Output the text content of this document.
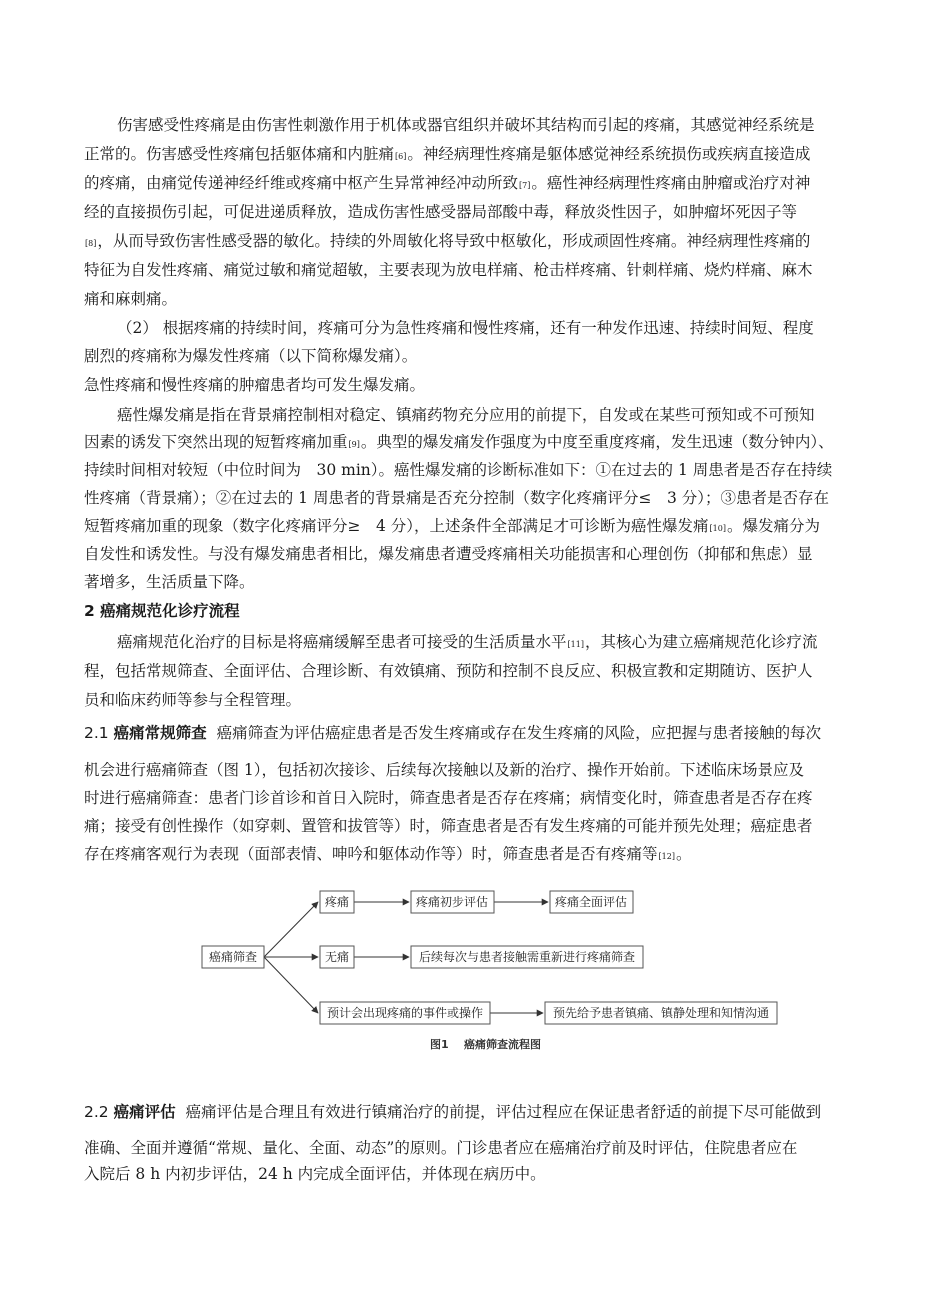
伤害感受性疼痛是由伤害性刺激作用于机体或器官组织并破坏其结构而引起的疼痛，其感觉神经系统是
正常的。伤害感受性疼痛包括躯体痛和内脏痛[6]。神经病理性疼痛是躯体感觉神经系统损伤或疾病直接造成
的疼痛，由痛觉传递神经纤维或疼痛中枢产生异常神经冲动所致[7]。癌性神经病理性疼痛由肿瘤或治疗对神
经的直接损伤引起，可促进递质释放，造成伤害性感受器局部酸中毒，释放炎性因子，如肿瘤坏死因子等
[8]，从而导致伤害性感受器的敏化。持续的外周敏化将导致中枢敏化，形成顽固性疼痛。神经病理性疼痛的
特征为自发性疼痛、痛觉过敏和痛觉超敏，主要表现为放电样痛、枪击样疼痛、针刺样痛、烧灼样痛、麻木
痛和麻刺痛。
（2） 根据疼痛的持续时间，疼痛可分为急性疼痛和慢性疼痛，还有一种发作迅速、持续时间短、程度
剧烈的疼痛称为爆发性疼痛（以下简称爆发痛）。
急性疼痛和慢性疼痛的肿瘤患者均可发生爆发痛。
癌性爆发痛是指在背景痛控制相对稳定、镇痛药物充分应用的前提下，自发或在某些可预知或不可预知
因素的诱发下突然出现的短暂疼痛加重[9]。典型的爆发痛发作强度为中度至重度疼痛，发生迅速（数分钟内）、
持续时间相对较短（中位时间为　30 min）。癌性爆发痛的诊断标准如下：①在过去的 1 周患者是否存在持续
性疼痛（背景痛）；②在过去的 1 周患者的背景痛是否充分控制（数字化疼痛评分≤　3 分）；③患者是否存在
短暂疼痛加重的现象（数字化疼痛评分≥　4 分），上述条件全部满足才可诊断为癌性爆发痛[10]。爆发痛分为
自发性和诱发性。与没有爆发痛患者相比，爆发痛患者遭受疼痛相关功能损害和心理创伤（抑郁和焦虑）显
著增多，生活质量下降。
2 癌痛规范化诊疗流程
癌痛规范化治疗的目标是将癌痛缓解至患者可接受的生活质量水平[11]，其核心为建立癌痛规范化诊疗流
程，包括常规筛查、全面评估、合理诊断、有效镇痛、预防和控制不良反应、积极宣教和定期随访、医护人
员和临床药师等参与全程管理。
2.1 癌痛常规筛查 癌痛筛查为评估癌症患者是否发生疼痛或存在发生疼痛的风险，应把握与患者接触的每次
机会进行癌痛筛查（图 1），包括初次接诊、后续每次接触以及新的治疗、操作开始前。下述临床场景应及
时进行癌痛筛查：患者门诊首诊和首日入院时，筛查患者是否存在疼痛；病情变化时，筛查患者是否存在疼
痛；接受有创性操作（如穿刺、置管和拔管等）时，筛查患者是否有发生疼痛的可能并预先处理；癌症患者
存在疼痛客观行为表现（面部表情、呻吟和躯体动作等）时，筛查患者是否有疼痛等[12]。
癌痛筛查
疼痛	疼痛初步评估	疼痛全面评估
无痛	后续每次与患者接触需重新进行疼痛筛查
预计会出现疼痛的事件或操作	预先给予患者镇痛、镇静处理和知情沟通
图1 癌痛筛查流程图
2.2 癌痛评估 癌痛评估是合理且有效进行镇痛治疗的前提，评估过程应在保证患者舒适的前提下尽可能做到
准确、全面并遵循“常规、量化、全面、动态”的原则。门诊患者应在癌痛治疗前及时评估，住院患者应在
入院后 8 h 内初步评估，24 h 内完成全面评估，并体现在病历中。
